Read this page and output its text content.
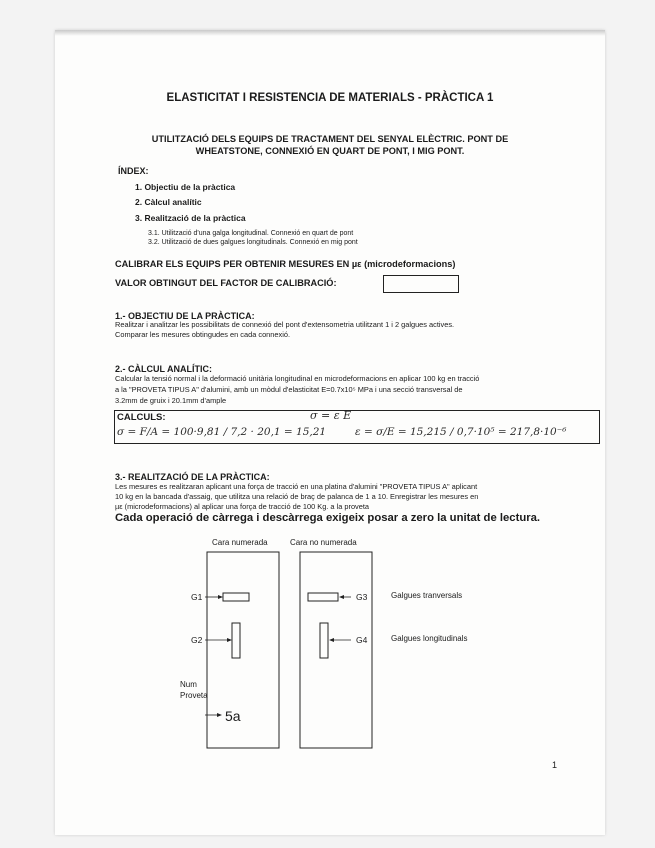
ELASTICITAT I RESISTENCIA DE MATERIALS - PRÀCTICA 1
UTILITZACIÓ DELS EQUIPS DE TRACTAMENT DEL SENYAL ELÈCTRIC. PONT DE
WHEATSTONE, CONNEXIÓ EN QUART DE PONT, I MIG PONT.
ÍNDEX:
1. Objectiu de la pràctica
2. Càlcul analític
3. Realització de la pràctica
3.1. Utilització d'una galga longitudinal. Connexió en quart de pont
3.2. Utilització de dues galgues longitudinals. Connexió en mig pont
CALIBRAR ELS EQUIPS PER OBTENIR MESURES EN µε (microdeformacions)
VALOR OBTINGUT DEL FACTOR DE CALIBRACIÓ:
1.- OBJECTIU DE LA PRÀCTICA:
Realitzar i analitzar les possibilitats de connexió del pont d'extensometria utilitzant 1 i 2 galgues actives.
Comparar les mesures obtingudes en cada connexió.
2.- CÀLCUL ANALÍTIC:
Calcular la tensió normal i la deformació unitària longitudinal en microdeformacions en aplicar 100 kg en tracció
a la "PROVETA TIPUS A" d'alumini, amb un mòdul d'elasticitat E=0.7x10⁵ MPa i una secció transversal de
3.2mm de gruix i 20.1mm d'ample
CALCULS:	σ = ε E
σ = F/A = 100·9,81 / 7,2 · 20,1 = 15,21	ε = σ/E = 15,215 / 0,7·10⁵ = 217,8·10⁻⁶
3.- REALITZACIÓ DE LA PRÀCTICA:
Les mesures es realitzaran aplicant una força de tracció en una platina d'alumini "PROVETA TIPUS A" aplicant
10 kg en la bancada d'assaig, que utilitza una relació de braç de palanca de 1 a 10. Enregistrar les mesures en
µε (microdeformacions) al aplicar una força de tracció de 100 Kg. a la proveta
Cada operació de càrrega i descàrrega exigeix posar a zero la unitat de lectura.
Cara numerada	Cara no numerada
G1
G2
G3
G4
Galgues tranversals
Galgues longitudinals
Num
Proveta
5a
1
